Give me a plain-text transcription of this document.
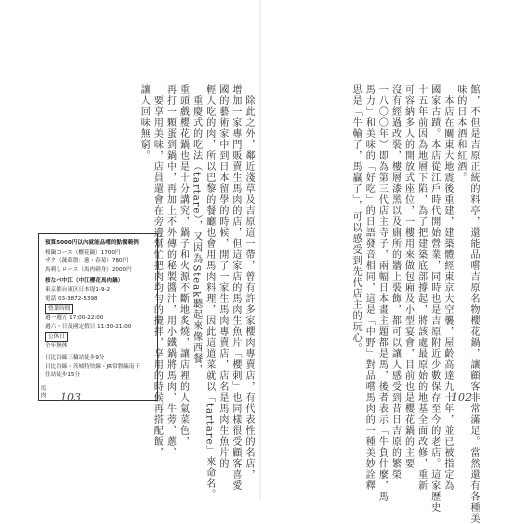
館，不但是吉原正統的料亭，還能品嚐吉原名物櫻花鍋，讓顧客非常滿足。當然還有各種美
味的日本酒和紅酒。
　本店在關東大地震後重建，建築體經東京大空襲，屋齡高達九十年，並已被指定為
國家古蹟。本店從江戶時代開始營業，同時也是吉原附近少數保存至今的老店。這家歷史
十五年前因為地層下陷，為了把建築底部撐起，將該處最原始的地基全面改修，重新
可容納多人的開放式座位，一樓用來做包廂及小型宴會，目前也是櫻花鍋的主要
沒有經過改裝，樓層漆黑以及廁所的牆上裝飾，都可以讓人感受到昔日吉原的繁榮
一八〇〇年）即為第三代店主寺子，兩幅日本畫主題都是馬，後者表示「牛負什麼，馬
馬力」和美味的「好吃」的日語發音相同，這是「中野」對品嚐馬肉的一種美妙詮釋
思是「牛輸了，馬贏了」，可以感受到先代店主的玩心。
　除此之外，鄰近淺草及吉原這一帶，曾有許多家櫻肉專賣店，有代表性的名店，
增加一家專門販賣生馬肉的店，但這家店的馬肉生魚片「櫻刺」也同樣很受顧客喜愛
國的藝術家中到日本留學的時候，開了一家生馬肉專賣店，店名是馬肉生魚片的
輕人吃的肉，所以巴黎的餐廳也會用馬肉料理，因此這道菜就以「tartare」來命名。
　重慶式的吃法（tartare），又因為Steak聽起來像西餐，
重頭戲櫻花鍋也是十分講究，鍋子和火源不斷地炙燒，讓店裡的人氣菜色，
再打一顆蛋到鍋中，再加上不外傳的秘製醬汁，用小鐵鍋將馬肉、牛蒡、蔥、
　要享用美味，店員還會在旁邊幫忙把肉均勻的攪拌，享用的時候再搭配飯，
讓人回味無窮。
預算5000円以內就能品嚐的點餐範例
桜鍋コース（櫻花鍋）1700円
ザク（蔬菜盤：葱・春菊）780円
馬刺しロース（馬肉刺身）2000円
桜なべ中江（中江櫻花馬肉鍋）
東京都台東区日本堤1-9-2
電話 03-3872-5398
營業時間
週一週五 17:00-22:00
週六・日及國定假日 11:30-21:00
公休日
全年無休
日比谷線三輪站徒步9分
日比谷線・茨城特快線・JR常磐線南千
住站徒步15分
馬肉 103	102
